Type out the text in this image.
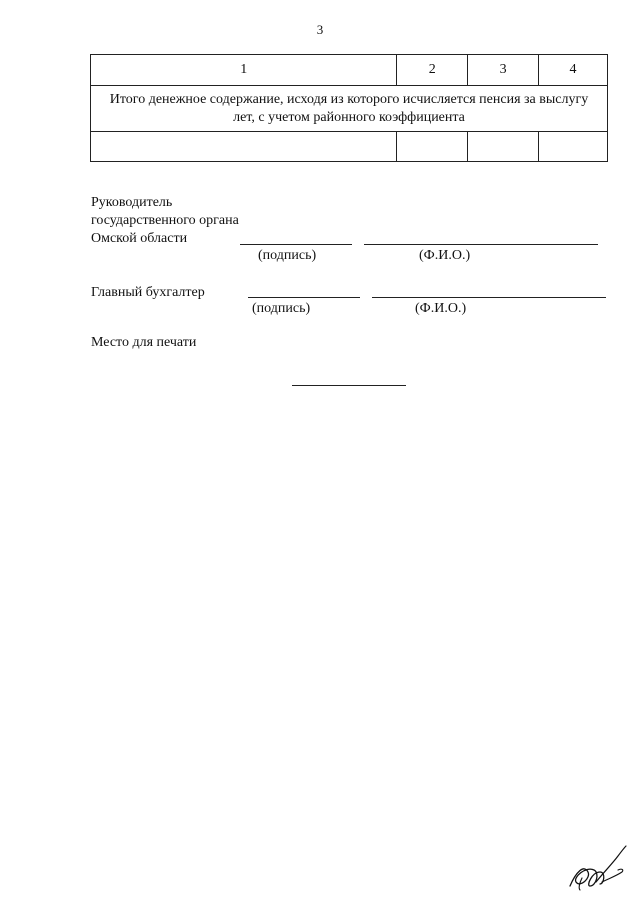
3
1	2	3	4
Итого денежное содержание, исходя из которого исчисляется пенсия за выслугу лет, с учетом районного коэффициента			

Руководитель
государственного органа
Омской области
(подпись)	(Ф.И.О.)
Главный бухгалтер
(подпись)	(Ф.И.О.)
Место для печати
